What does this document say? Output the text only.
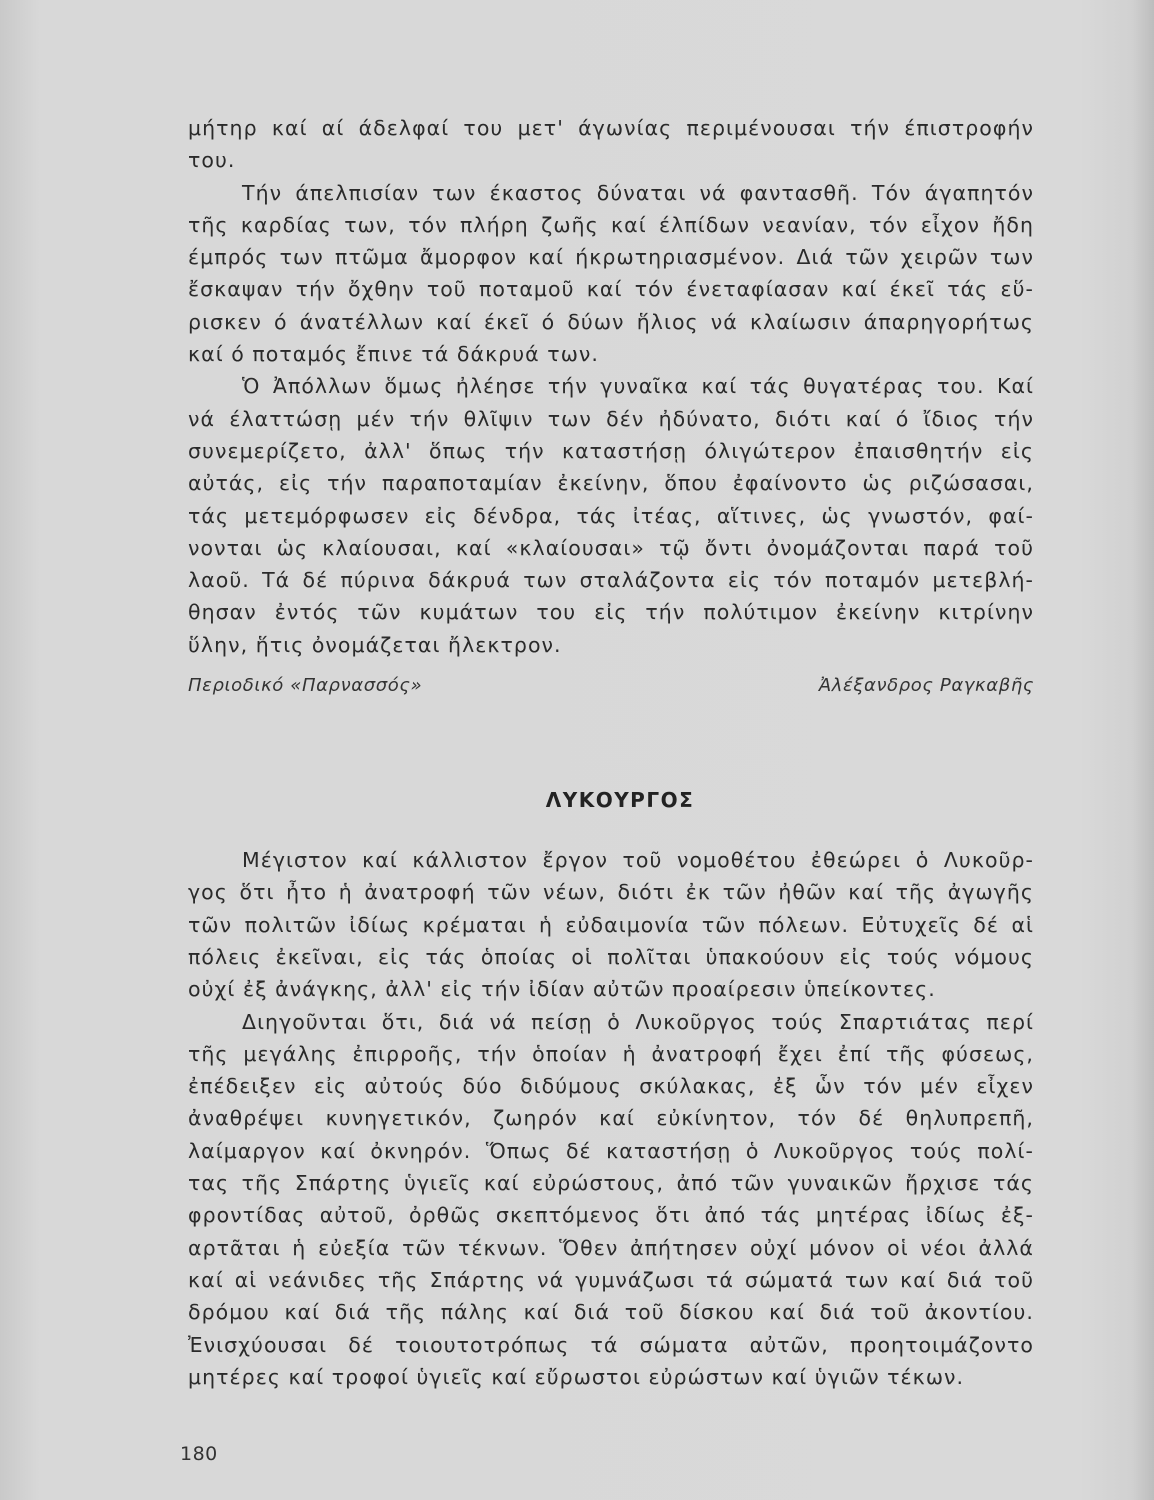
μήτηρ καί αί άδελφαί του μετ' άγωνίας περιμένουσαι τήν έπιστροφήν
του.

Τήν άπελπισίαν των έκαστος δύναται νά φαντασθῆ. Τόν άγαπητόν
τῆς καρδίας των, τόν πλήρη ζωῆς καί έλπίδων νεανίαν, τόν εἶχον ἤδη
έμπρός των πτῶμα ἄμορφον καί ήκρωτηριασμένον. Διά τῶν χειρῶν των
ἔσκαψαν τήν ὄχθην τοῦ ποταμοῦ καί τόν ένεταφίασαν καί έκεῖ τάς εὕ-
ρισκεν ό άνατέλλων καί έκεῖ ό δύων ἥλιος νά κλαίωσιν άπαρηγορήτως
καί ό ποταμός ἔπινε τά δάκρυά των.

Ὁ Ἀπόλλων ὅμως ἠλέησε τήν γυναῖκα καί τάς θυγατέρας του. Καί
νά έλαττώσῃ μέν τήν θλῖψιν των δέν ἠδύνατο, διότι καί ό ἴδιος τήν
συνεμερίζετο, ἀλλ' ὅπως τήν καταστήσῃ όλιγώτερον ἐπαισθητήν εἰς
αὐτάς, εἰς τήν παραποταμίαν ἐκείνην, ὅπου ἐφαίνοντο ὡς ριζώσασαι,
τάς μετεμόρφωσεν εἰς δένδρα, τάς ἰτέας, αἵτινες, ὡς γνωστόν, φαί-
νονται ὡς κλαίουσαι, καί «κλαίουσαι» τῷ ὄντι ὀνομάζονται παρά τοῦ
λαοῦ. Τά δέ πύρινα δάκρυά των σταλάζοντα εἰς τόν ποταμόν μετεβλή-
θησαν ἐντός τῶν κυμάτων του εἰς τήν πολύτιμον ἐκείνην κιτρίνην
ὕλην, ἥτις ὀνομάζεται ἤλεκτρον.

Περιοδικό «Παρνασσός»	Ἀλέξανδρος Ραγκαβῆς
ΛΥΚΟΥΡΓΟΣ

Μέγιστον καί κάλλιστον ἔργον τοῦ νομοθέτου ἐθεώρει ὁ Λυκοῦρ-
γος ὅτι ἦτο ἡ ἀνατροφή τῶν νέων, διότι ἐκ τῶν ἠθῶν καί τῆς ἀγωγῆς
τῶν πολιτῶν ἰδίως κρέμαται ἡ εὐδαιμονία τῶν πόλεων. Εὐτυχεῖς δέ αἱ
πόλεις ἐκεῖναι, εἰς τάς ὁποίας οἱ πολῖται ὑπακούουν εἰς τούς νόμους
οὐχί ἐξ ἀνάγκης, ἀλλ' εἰς τήν ἰδίαν αὐτῶν προαίρεσιν ὑπείκοντες.

Διηγοῦνται ὅτι, διά νά πείσῃ ὁ Λυκοῦργος τούς Σπαρτιάτας περί
τῆς μεγάλης ἐπιρροῆς, τήν ὁποίαν ἡ ἀνατροφή ἔχει ἐπί τῆς φύσεως,
ἐπέδειξεν εἰς αὐτούς δύο διδύμους σκύλακας, ἐξ ὧν τόν μέν εἶχεν
ἀναθρέψει κυνηγετικόν, ζωηρόν καί εὐκίνητον, τόν δέ θηλυπρεπῆ,
λαίμαργον καί ὀκνηρόν. Ὅπως δέ καταστήσῃ ὁ Λυκοῦργος τούς πολί-
τας τῆς Σπάρτης ὑγιεῖς καί εὐρώστους, ἀπό τῶν γυναικῶν ἤρχισε τάς
φροντίδας αὐτοῦ, ὀρθῶς σκεπτόμενος ὅτι ἀπό τάς μητέρας ἰδίως ἐξ-
αρτᾶται ἡ εὐεξία τῶν τέκνων. Ὅθεν ἀπήτησεν οὐχί μόνον οἱ νέοι ἀλλά
καί αἱ νεάνιδες τῆς Σπάρτης νά γυμνάζωσι τά σώματά των καί διά τοῦ
δρόμου καί διά τῆς πάλης καί διά τοῦ δίσκου καί διά τοῦ ἀκοντίου.
Ἐνισχύουσαι δέ τοιουτοτρόπως τά σώματα αὐτῶν, προητοιμάζοντο
μητέρες καί τροφοί ὑγιεῖς καί εὔρωστοι εὐρώστων καί ὑγιῶν τέκων.

180
